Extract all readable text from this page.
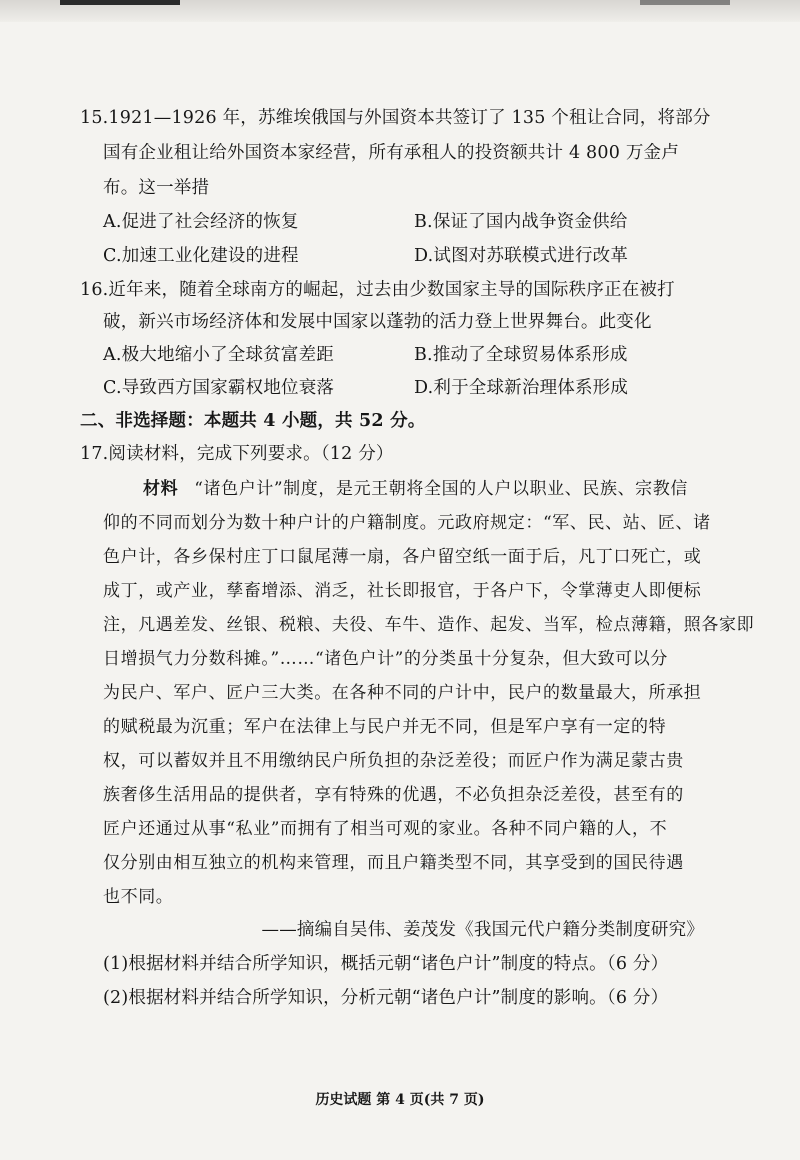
15.1921—1926 年，苏维埃俄国与外国资本共签订了 135 个租让合同，将部分
国有企业租让给外国资本家经营，所有承租人的投资额共计 4 800 万金卢
布。这一举措
A.促进了社会经济的恢复	B.保证了国内战争资金供给
C.加速工业化建设的进程	D.试图对苏联模式进行改革
16.近年来，随着全球南方的崛起，过去由少数国家主导的国际秩序正在被打
破，新兴市场经济体和发展中国家以蓬勃的活力登上世界舞台。此变化
A.极大地缩小了全球贫富差距	B.推动了全球贸易体系形成
C.导致西方国家霸权地位衰落	D.利于全球新治理体系形成
二、非选择题：本题共 4 小题，共 52 分。
17.阅读材料，完成下列要求。（12 分）
材料 “诸色户计”制度，是元王朝将全国的人户以职业、民族、宗教信
仰的不同而划分为数十种户计的户籍制度。元政府规定：“军、民、站、匠、诸
色户计，各乡保村庄丁口鼠尾薄一扇，各户留空纸一面于后，凡丁口死亡，或
成丁，或产业，孳畜增添、消乏，社长即报官，于各户下，令掌薄吏人即便标
注，凡遇差发、丝银、税粮、夫役、车牛、造作、起发、当军，检点薄籍，照各家即
日增损气力分数科摊。”……“诸色户计”的分类虽十分复杂，但大致可以分
为民户、军户、匠户三大类。在各种不同的户计中，民户的数量最大，所承担
的赋税最为沉重；军户在法律上与民户并无不同，但是军户享有一定的特
权，可以蓄奴并且不用缴纳民户所负担的杂泛差役；而匠户作为满足蒙古贵
族奢侈生活用品的提供者，享有特殊的优遇，不必负担杂泛差役，甚至有的
匠户还通过从事“私业”而拥有了相当可观的家业。各种不同户籍的人，不
仅分别由相互独立的机构来管理，而且户籍类型不同，其享受到的国民待遇
也不同。
——摘编自吴伟、姜茂发《我国元代户籍分类制度研究》
(1)根据材料并结合所学知识，概括元朝“诸色户计”制度的特点。（6 分）
(2)根据材料并结合所学知识，分析元朝“诸色户计”制度的影响。（6 分）
历史试题 第 4 页(共 7 页)
